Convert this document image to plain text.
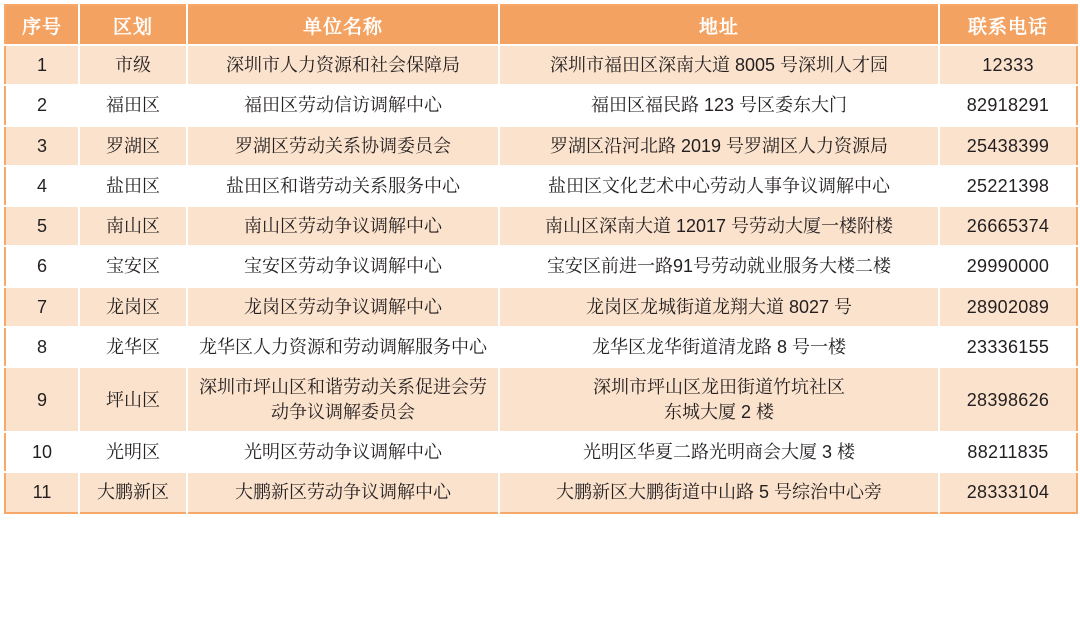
序号	区划	单位名称	地址	联系电话
1	市级	深圳市人力资源和社会保障局	深圳市福田区深南大道 8005 号深圳人才园	12333
2	福田区	福田区劳动信访调解中心	福田区福民路 123 号区委东大门	82918291
3	罗湖区	罗湖区劳动关系协调委员会	罗湖区沿河北路 2019 号罗湖区人力资源局	25438399
4	盐田区	盐田区和谐劳动关系服务中心	盐田区文化艺术中心劳动人事争议调解中心	25221398
5	南山区	南山区劳动争议调解中心	南山区深南大道 12017 号劳动大厦一楼附楼	26665374
6	宝安区	宝安区劳动争议调解中心	宝安区前进一路91号劳动就业服务大楼二楼	29990000
7	龙岗区	龙岗区劳动争议调解中心	龙岗区龙城街道龙翔大道 8027 号	28902089
8	龙华区	龙华区人力资源和劳动调解服务中心	龙华区龙华街道清龙路 8 号一楼	23336155
9	坪山区	深圳市坪山区和谐劳动关系促进会劳动争议调解委员会	深圳市坪山区龙田街道竹坑社区
东城大厦 2 楼	28398626
10	光明区	光明区劳动争议调解中心	光明区华夏二路光明商会大厦 3 楼	88211835
11	大鹏新区	大鹏新区劳动争议调解中心	大鹏新区大鹏街道中山路 5 号综治中心旁	28333104
